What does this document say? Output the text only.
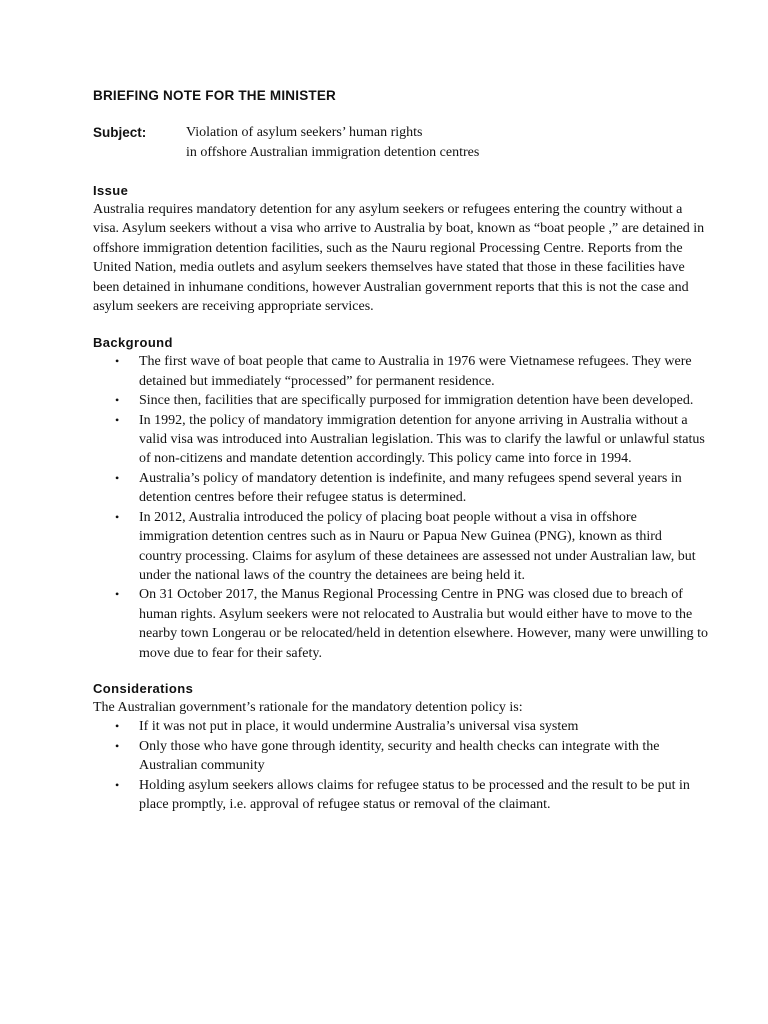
BRIEFING NOTE FOR THE MINISTER
Subject:	Violation of asylum seekers’ human rights
in offshore Australian immigration detention centres
Issue

Australia requires mandatory detention for any asylum seekers or refugees entering the country without a visa. Asylum seekers without a visa who arrive to Australia by boat, known as “boat people ,” are detained in offshore immigration detention facilities, such as the Nauru regional Processing Centre. Reports from the United Nation, media outlets and asylum seekers themselves have stated that those in these facilities have been detained in inhumane conditions, however Australian government reports that this is not the case and asylum seekers are receiving appropriate services.

Background
• The first wave of boat people that came to Australia in 1976 were Vietnamese refugees. They were detained but immediately “processed” for permanent residence.
• Since then, facilities that are specifically purposed for immigration detention have been developed.
• In 1992, the policy of mandatory immigration detention for anyone arriving in Australia without a valid visa was introduced into Australian legislation. This was to clarify the lawful or unlawful status of non-citizens and mandate detention accordingly. This policy came into force in 1994.
• Australia’s policy of mandatory detention is indefinite, and many refugees spend several years in detention centres before their refugee status is determined.
• In 2012, Australia introduced the policy of placing boat people without a visa in offshore immigration detention centres such as in Nauru or Papua New Guinea (PNG), known as third country processing. Claims for asylum of these detainees are assessed not under Australian law, but under the national laws of the country the detainees are being held it.
• On 31 October 2017, the Manus Regional Processing Centre in PNG was closed due to breach of human rights. Asylum seekers were not relocated to Australia but would either have to move to the nearby town Longerau or be relocated/held in detention elsewhere. However, many were unwilling to move due to fear for their safety.
Considerations

The Australian government’s rationale for the mandatory detention policy is:

• If it was not put in place, it would undermine Australia’s universal visa system
• Only those who have gone through identity, security and health checks can integrate with the Australian community
• Holding asylum seekers allows claims for refugee status to be processed and the result to be put in place promptly, i.e. approval of refugee status or removal of the claimant.
